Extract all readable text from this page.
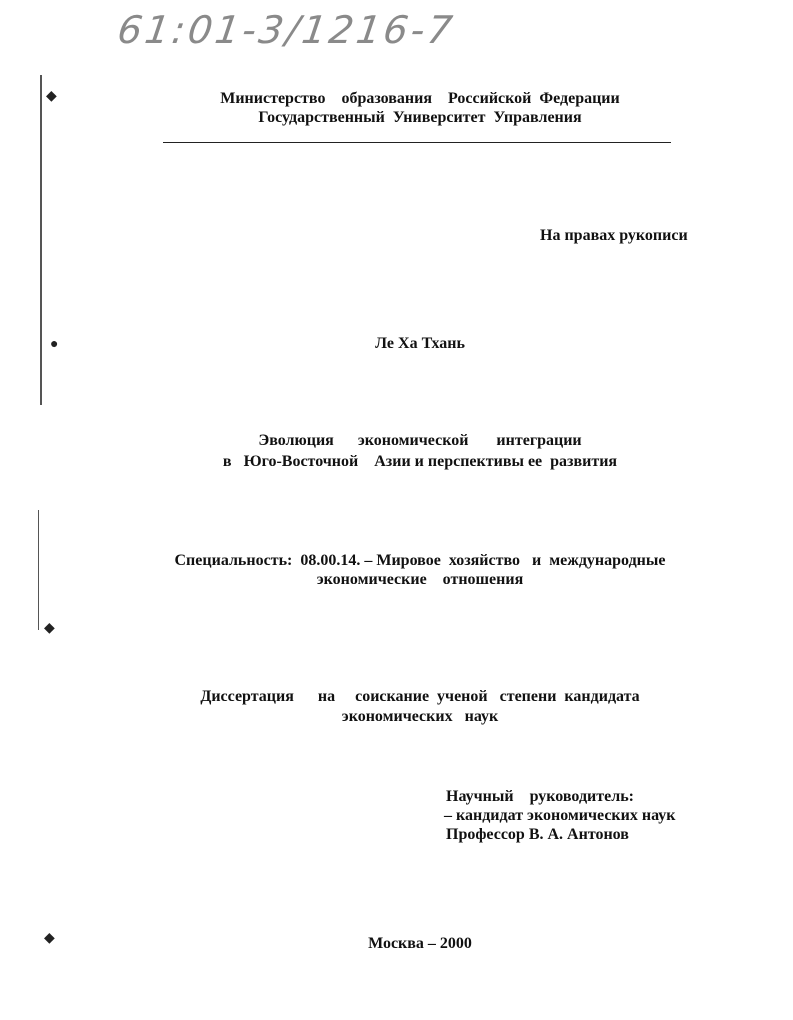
61:01-3/1216-7
◆
●
◆
◆
Министерство    образования    Российской  Федерации
Государственный  Университет  Управления
На правах рукописи
Ле Ха Тхань
Эволюция      экономической       интеграции
в   Юго-Восточной    Азии и перспективы ее  развития
Специальность:  08.00.14. – Мировое  хозяйство   и  международные
экономические    отношения
Диссертация      на     соискание  ученой   степени  кандидата
экономических   наук
Научный    руководитель:
– кандидат экономических наук
Профессор В. А. Антонов
Москва – 2000
